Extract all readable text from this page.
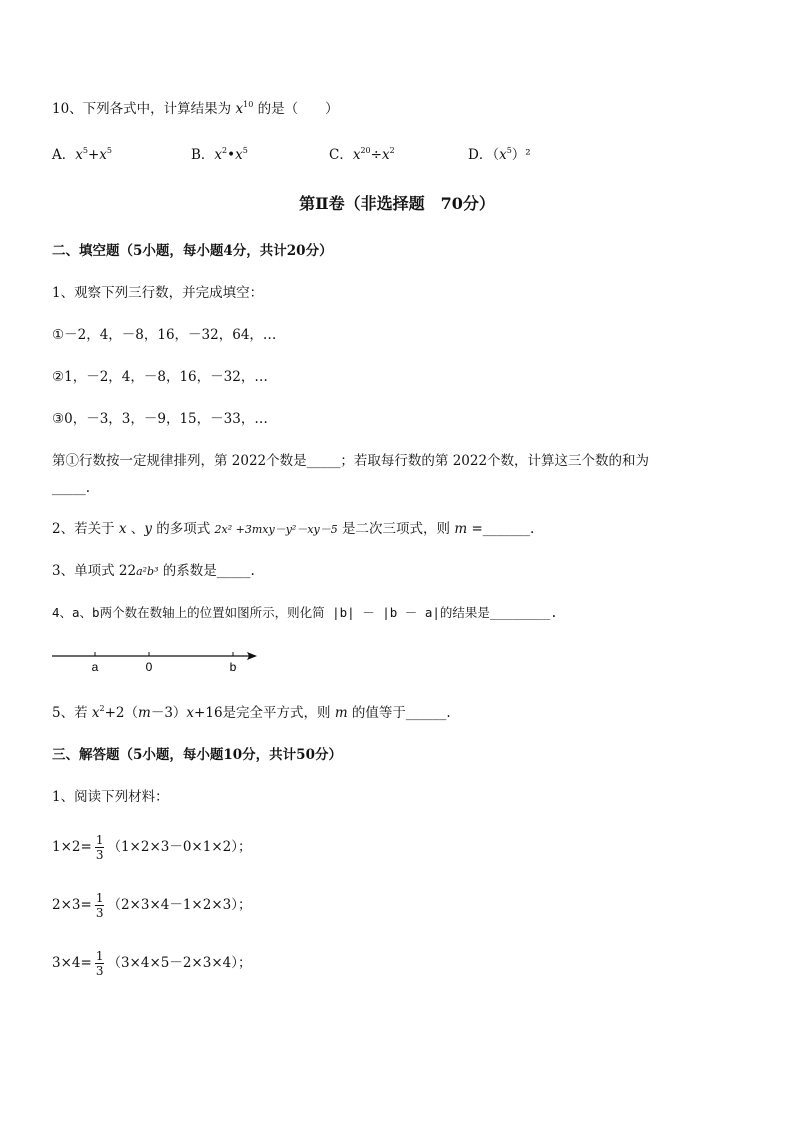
10、下列各式中，计算结果为 $x^{10}$ 的是（　　）
A．$x^5+x^5$	B．$x^2•x^5$	C．$x^{20}\div x^2$	D．$(x^5)^2$
第Ⅱ卷（非选择题　70分）
二、填空题（5小题，每小题4分，共计20分）
1、观察下列三行数，并完成填空：
①－2，4，－8，16，－32，64，…
②1，－2，4，－8，16，－32，…
③0，－3，3，－9，15，－33，…
第①行数按一定规律排列，第 2022个数是_____；若取每行数的第 2022个数，计算这三个数的和为
_____.
2、若关于 x 、y 的多项式 2x² +3mxy－y²－xy－5 是二次三项式，则 m =_______.
3、单项式 22a²b³ 的系数是_____.
4、a、b两个数在数轴上的位置如图所示，则化简 |b| － |b － a|的结果是________.
a	0	b
5、若 $x^2+2(m-3)x+16$是完全平方式，则 m 的值等于______.
三、解答题（5小题，每小题10分，共计50分）
1、阅读下列材料：
$1\times 2= \frac{1}{3} (1\times 2\times 3-0\times 1\times 2)$；
$2\times 3= \frac{1}{3} (2\times 3\times 4-1\times 2\times 3)$；
$3\times 4= \frac{1}{3} (3\times 4\times 5-2\times 3\times 4)$；
